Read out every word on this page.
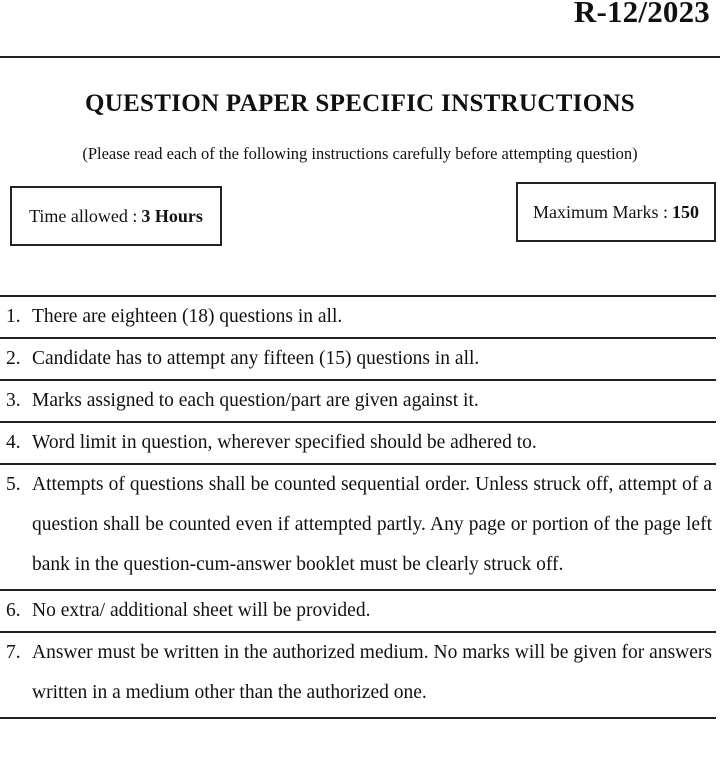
R-12/2023
QUESTION PAPER SPECIFIC INSTRUCTIONS
(Please read each of the following instructions carefully before attempting question)
Time allowed : 3 Hours	Maximum Marks : 150
1. There are eighteen (18) questions in all.
2. Candidate has to attempt any fifteen (15) questions in all.
3. Marks assigned to each question/part are given against it.
4. Word limit in question, wherever specified should be adhered to.
5. Attempts of questions shall be counted sequential order. Unless struck off, attempt of a question shall be counted even if attempted partly. Any page or portion of the page left bank in the question-cum-answer booklet must be clearly struck off.
6. No extra/ additional sheet will be provided.
7. Answer must be written in the authorized medium. No marks will be given for answers written in a medium other than the authorized one.
